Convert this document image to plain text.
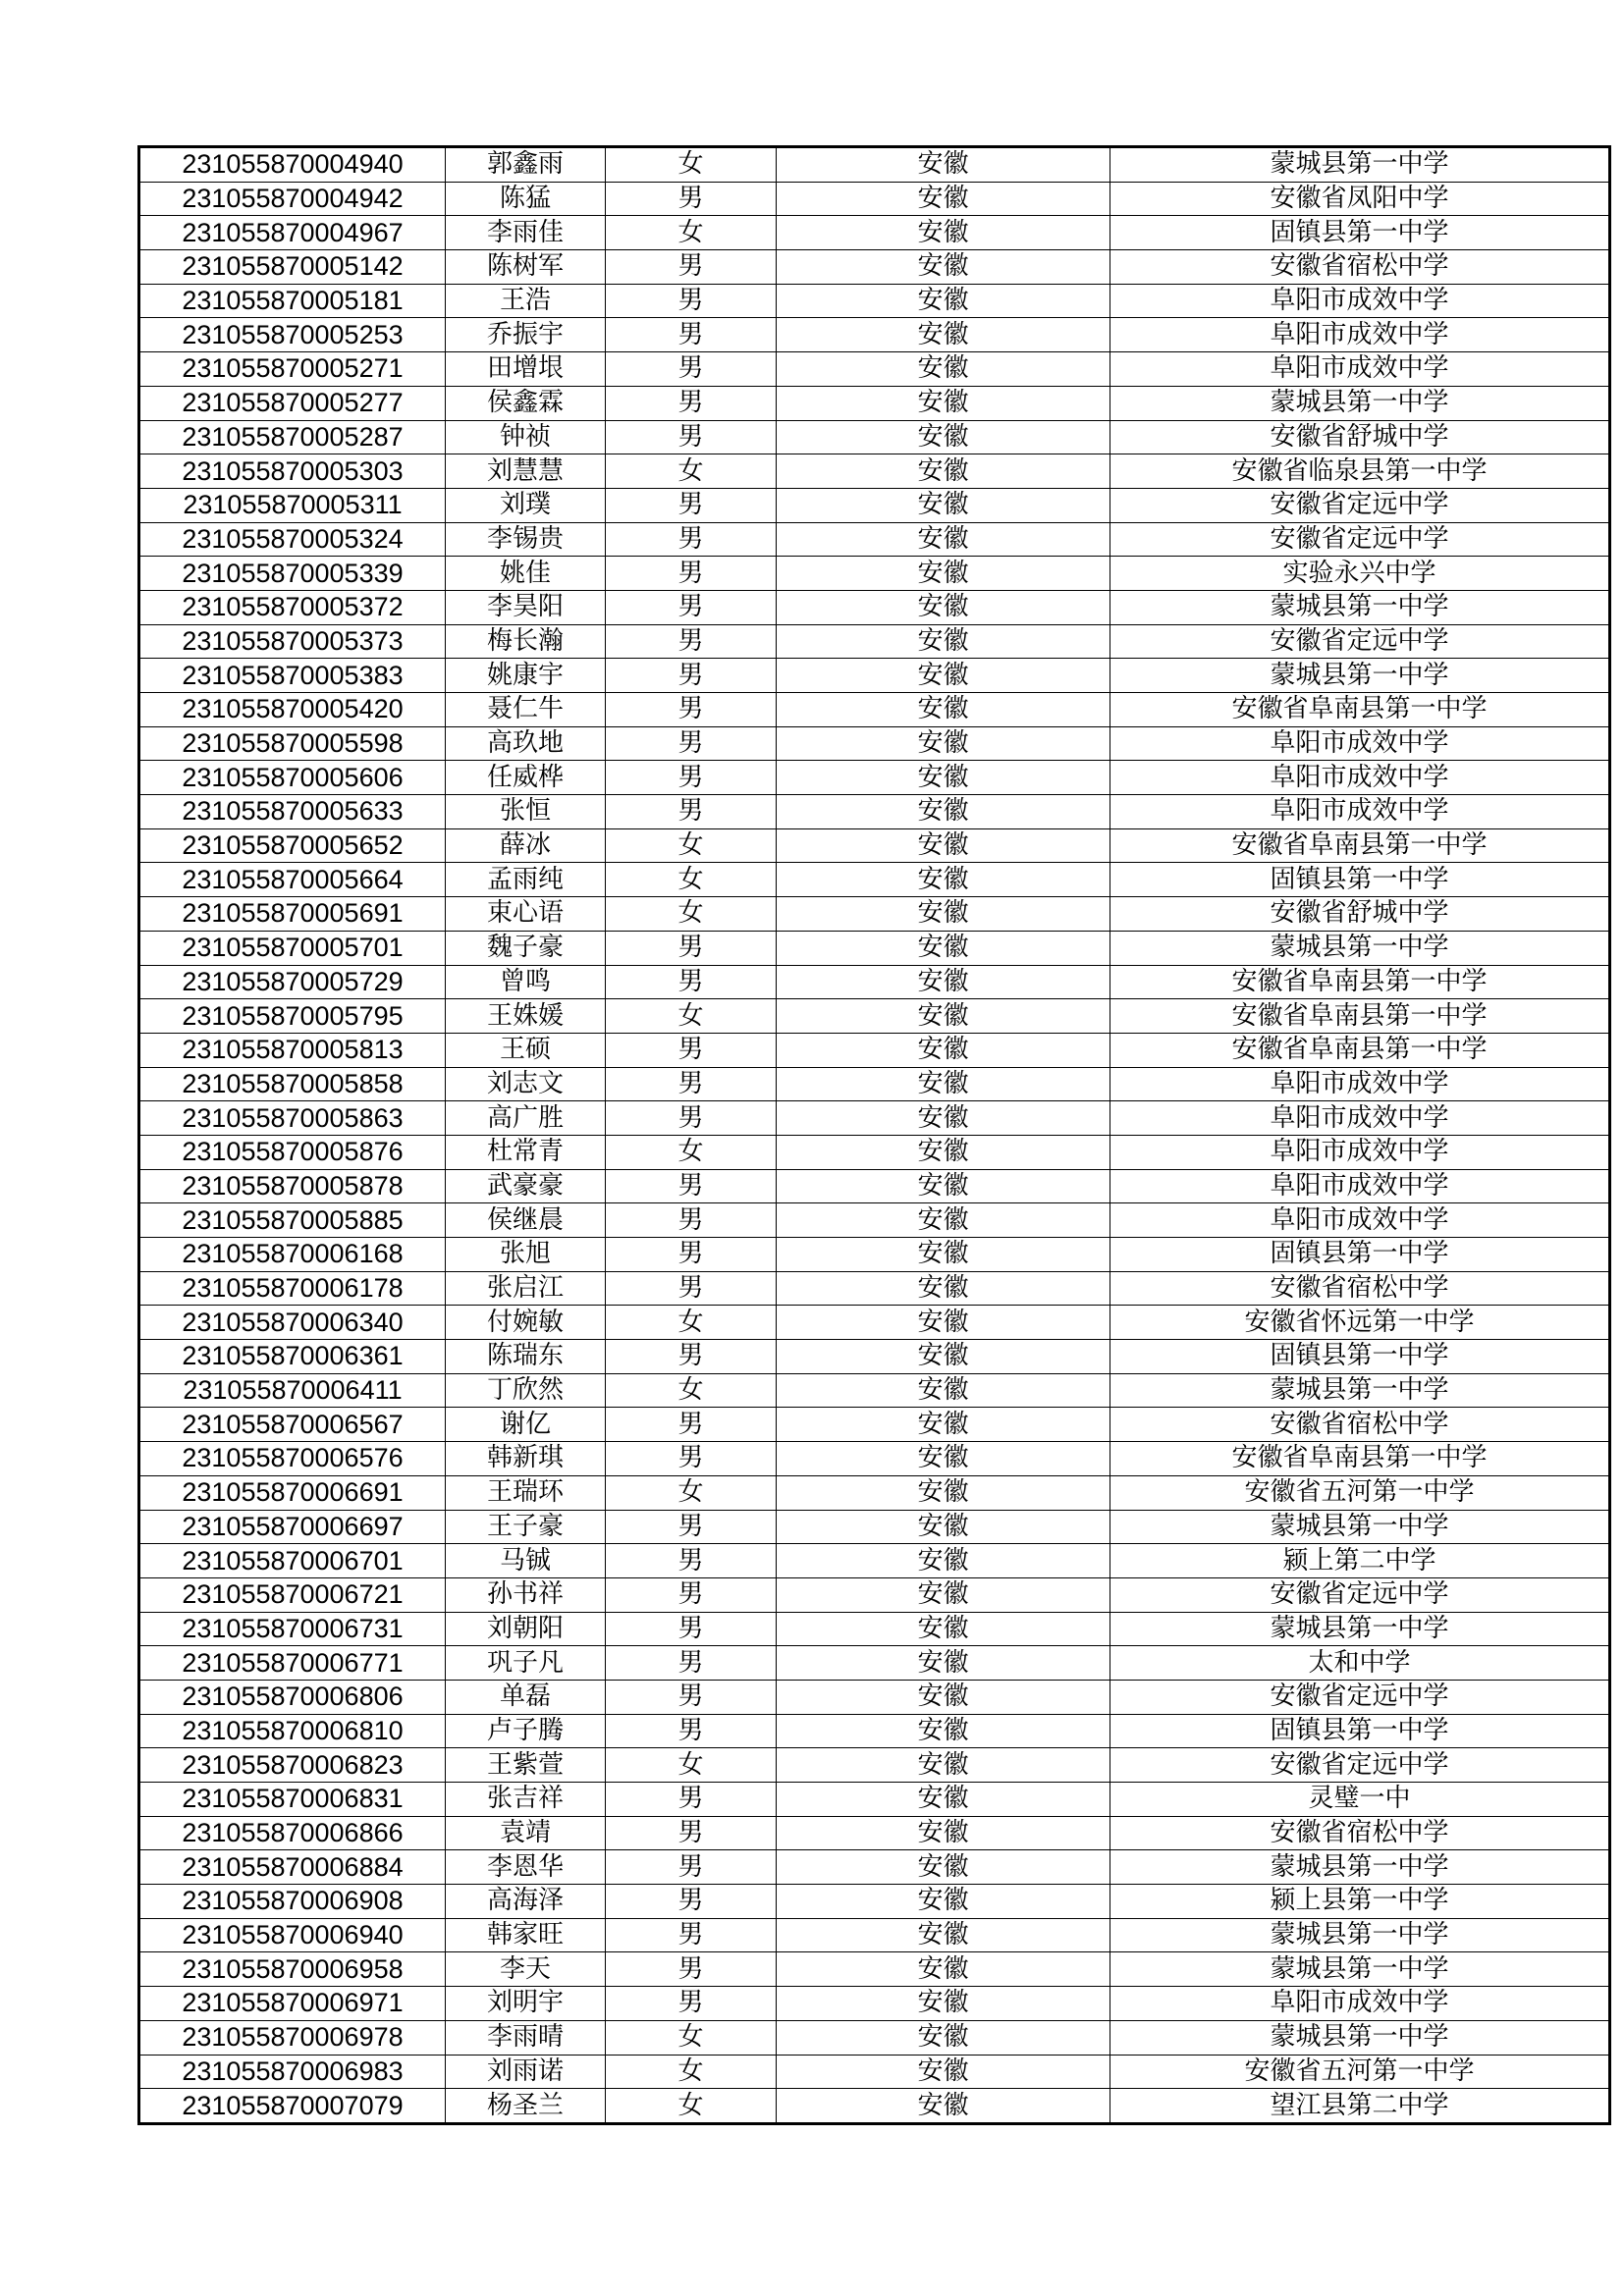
231055870004940	郭鑫雨	女	安徽	蒙城县第一中学
231055870004942	陈猛	男	安徽	安徽省凤阳中学
231055870004967	李雨佳	女	安徽	固镇县第一中学
231055870005142	陈树军	男	安徽	安徽省宿松中学
231055870005181	王浩	男	安徽	阜阳市成效中学
231055870005253	乔振宇	男	安徽	阜阳市成效中学
231055870005271	田增垠	男	安徽	阜阳市成效中学
231055870005277	侯鑫霖	男	安徽	蒙城县第一中学
231055870005287	钟祯	男	安徽	安徽省舒城中学
231055870005303	刘慧慧	女	安徽	安徽省临泉县第一中学
231055870005311	刘璞	男	安徽	安徽省定远中学
231055870005324	李锡贵	男	安徽	安徽省定远中学
231055870005339	姚佳	男	安徽	实验永兴中学
231055870005372	李昊阳	男	安徽	蒙城县第一中学
231055870005373	梅长瀚	男	安徽	安徽省定远中学
231055870005383	姚康宇	男	安徽	蒙城县第一中学
231055870005420	聂仁牛	男	安徽	安徽省阜南县第一中学
231055870005598	高玖地	男	安徽	阜阳市成效中学
231055870005606	任威桦	男	安徽	阜阳市成效中学
231055870005633	张恒	男	安徽	阜阳市成效中学
231055870005652	薛冰	女	安徽	安徽省阜南县第一中学
231055870005664	孟雨纯	女	安徽	固镇县第一中学
231055870005691	束心语	女	安徽	安徽省舒城中学
231055870005701	魏子豪	男	安徽	蒙城县第一中学
231055870005729	曾鸣	男	安徽	安徽省阜南县第一中学
231055870005795	王姝媛	女	安徽	安徽省阜南县第一中学
231055870005813	王硕	男	安徽	安徽省阜南县第一中学
231055870005858	刘志文	男	安徽	阜阳市成效中学
231055870005863	高广胜	男	安徽	阜阳市成效中学
231055870005876	杜常青	女	安徽	阜阳市成效中学
231055870005878	武豪豪	男	安徽	阜阳市成效中学
231055870005885	侯继晨	男	安徽	阜阳市成效中学
231055870006168	张旭	男	安徽	固镇县第一中学
231055870006178	张启江	男	安徽	安徽省宿松中学
231055870006340	付婉敏	女	安徽	安徽省怀远第一中学
231055870006361	陈瑞东	男	安徽	固镇县第一中学
231055870006411	丁欣然	女	安徽	蒙城县第一中学
231055870006567	谢亿	男	安徽	安徽省宿松中学
231055870006576	韩新琪	男	安徽	安徽省阜南县第一中学
231055870006691	王瑞环	女	安徽	安徽省五河第一中学
231055870006697	王子豪	男	安徽	蒙城县第一中学
231055870006701	马铖	男	安徽	颍上第二中学
231055870006721	孙书祥	男	安徽	安徽省定远中学
231055870006731	刘朝阳	男	安徽	蒙城县第一中学
231055870006771	巩子凡	男	安徽	太和中学
231055870006806	单磊	男	安徽	安徽省定远中学
231055870006810	卢子腾	男	安徽	固镇县第一中学
231055870006823	王紫萱	女	安徽	安徽省定远中学
231055870006831	张吉祥	男	安徽	灵璧一中
231055870006866	袁靖	男	安徽	安徽省宿松中学
231055870006884	李恩华	男	安徽	蒙城县第一中学
231055870006908	高海泽	男	安徽	颍上县第一中学
231055870006940	韩家旺	男	安徽	蒙城县第一中学
231055870006958	李天	男	安徽	蒙城县第一中学
231055870006971	刘明宇	男	安徽	阜阳市成效中学
231055870006978	李雨晴	女	安徽	蒙城县第一中学
231055870006983	刘雨诺	女	安徽	安徽省五河第一中学
231055870007079	杨圣兰	女	安徽	望江县第二中学
